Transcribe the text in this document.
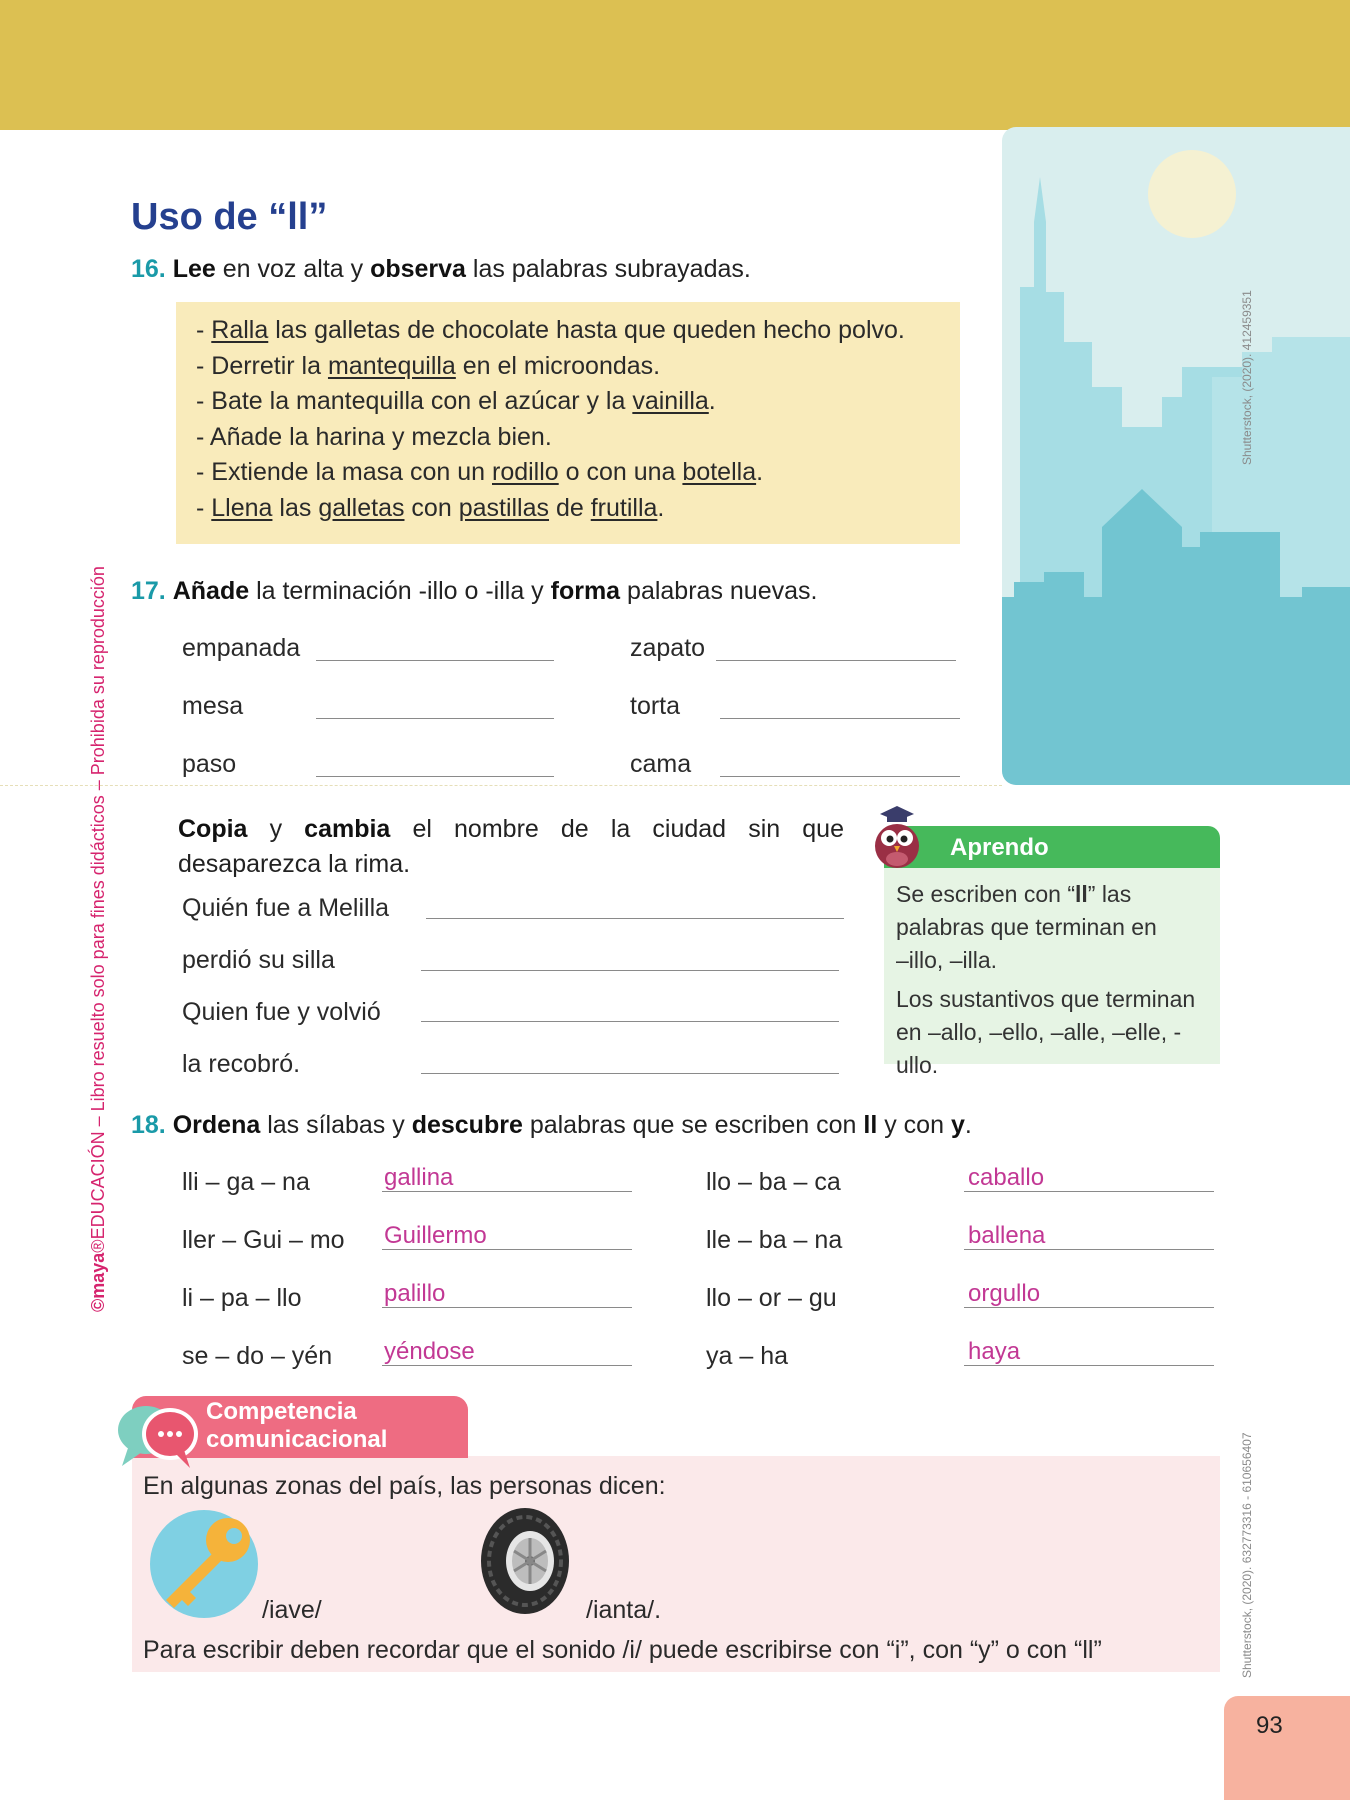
Shutterstock, (2020). 412459351
Shutterstock, (2020). 632773316 - 610656407
©maya®EDUCACIÓN – Libro resuelto solo para fines didácticos – Prohibida su reproducción
Uso de “ll”
16. Lee en voz alta y observa las palabras subrayadas.
- Ralla las galletas de chocolate hasta que queden hecho polvo.
- Derretir la mantequilla en el microondas.
- Bate la mantequilla con el azúcar y la vainilla.
- Añade la harina y mezcla bien.
- Extiende la masa con un rodillo o con una botella.
- Llena las galletas con pastillas de frutilla.
17. Añade la terminación -illo o -illa y forma palabras nuevas.
empanada
mesa
paso
zapato
torta
cama
Copia y cambia el nombre de la ciudad sin que
desaparezca la rima.
Quién fue a Melilla
perdió su silla
Quien fue y volvió
la recobró.
Aprendo
Se escriben con “ll” las
palabras que terminan en
–illo, –illa.
Los sustantivos que terminan
en –allo, –ello, –alle, –elle, -ullo.
18. Ordena las sílabas y descubre palabras que se escriben con ll y con y.
lli – ga – na
ller – Gui – mo
li – pa – llo
se – do – yén
gallina
Guillermo
palillo
yéndose
llo – ba – ca
lle – ba – na
llo – or – gu
ya – ha
caballo
ballena
orgullo
haya
Competencia
comunicacional
En algunas zonas del país, las personas dicen:
/iave/	/ianta/.
Para escribir deben recordar que el sonido /i/ puede escribirse con “i”, con “y” o con “ll”
93
